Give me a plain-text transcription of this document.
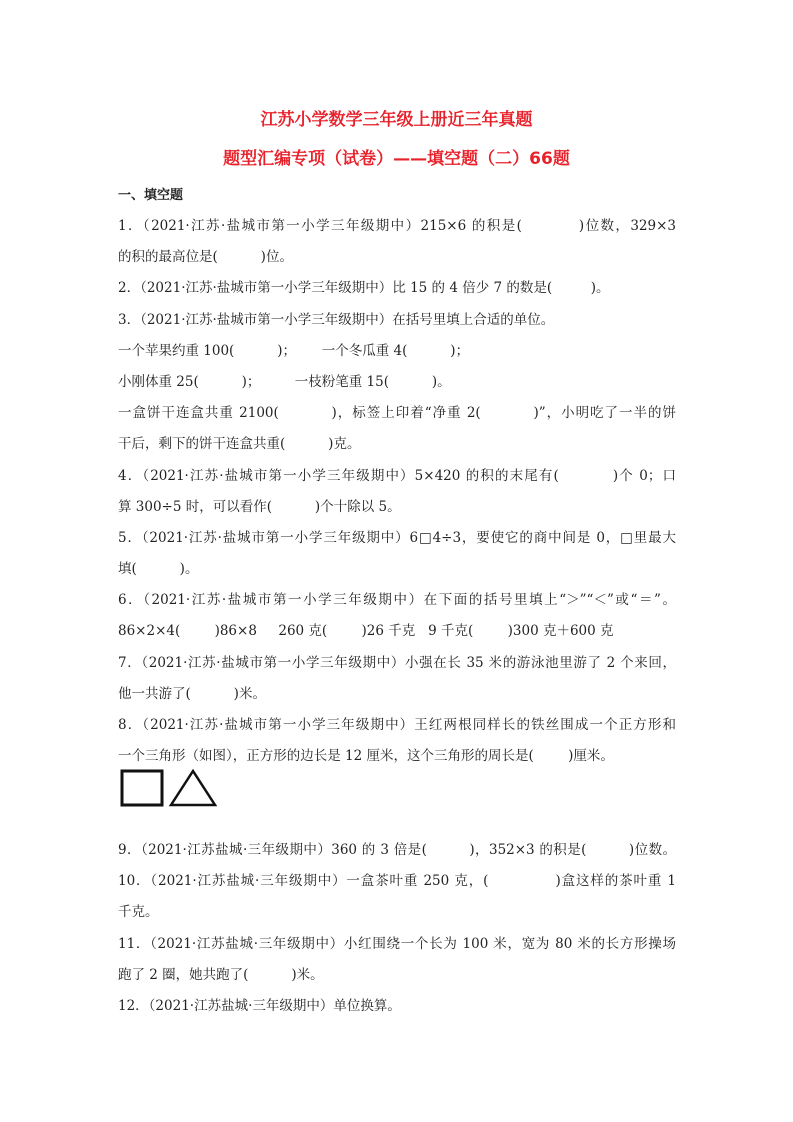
江苏小学数学三年级上册近三年真题
题型汇编专项（试卷）——填空题（二）66题
一、填空题
1．（2021·江苏·盐城市第一小学三年级期中）215×6 的积是(          )位数，329×3
的积的最高位是(          )位。
2．（2021·江苏·盐城市第一小学三年级期中）比 15 的 4 倍少 7 的数是(         )。
3．（2021·江苏·盐城市第一小学三年级期中）在括号里填上合适的单位。
一个苹果约重 100(          )；      一个冬瓜重 4(          )；
小刚体重 25(          )；        一枝粉笔重 15(          )。
一盒饼干连盒共重 2100(          )，标签上印着“净重 2(          )”，小明吃了一半的饼
干后，剩下的饼干连盒共重(          )克。
4．（2021·江苏·盐城市第一小学三年级期中）5×420 的积的末尾有(          )个 0；口
算 300÷5 时，可以看作(          )个十除以 5。
5．（2021·江苏·盐城市第一小学三年级期中）6□4÷3，要使它的商中间是 0，□里最大
填(          )。
6．（2021·江苏·盐城市第一小学三年级期中）在下面的括号里填上“＞”“＜”或“＝”。
86×2×4(        )86×8     260 克(        )26 千克   9 千克(        )300 克＋600 克
7．（2021·江苏·盐城市第一小学三年级期中）小强在长 35 米的游泳池里游了 2 个来回，
他一共游了(          )米。
8．（2021·江苏·盐城市第一小学三年级期中）王红两根同样长的铁丝围成一个正方形和
一个三角形（如图），正方形的边长是 12 厘米，这个三角形的周长是(        )厘米。
9．（2021·江苏盐城·三年级期中）360 的 3 倍是(         )，352×3 的积是(         )位数。
10．（2021·江苏盐城·三年级期中）一盒茶叶重 250 克，(             )盒这样的茶叶重 1
千克。
11．（2021·江苏盐城·三年级期中）小红围绕一个长为 100 米，宽为 80 米的长方形操场
跑了 2 圈，她共跑了(          )米。
12．（2021·江苏盐城·三年级期中）单位换算。
